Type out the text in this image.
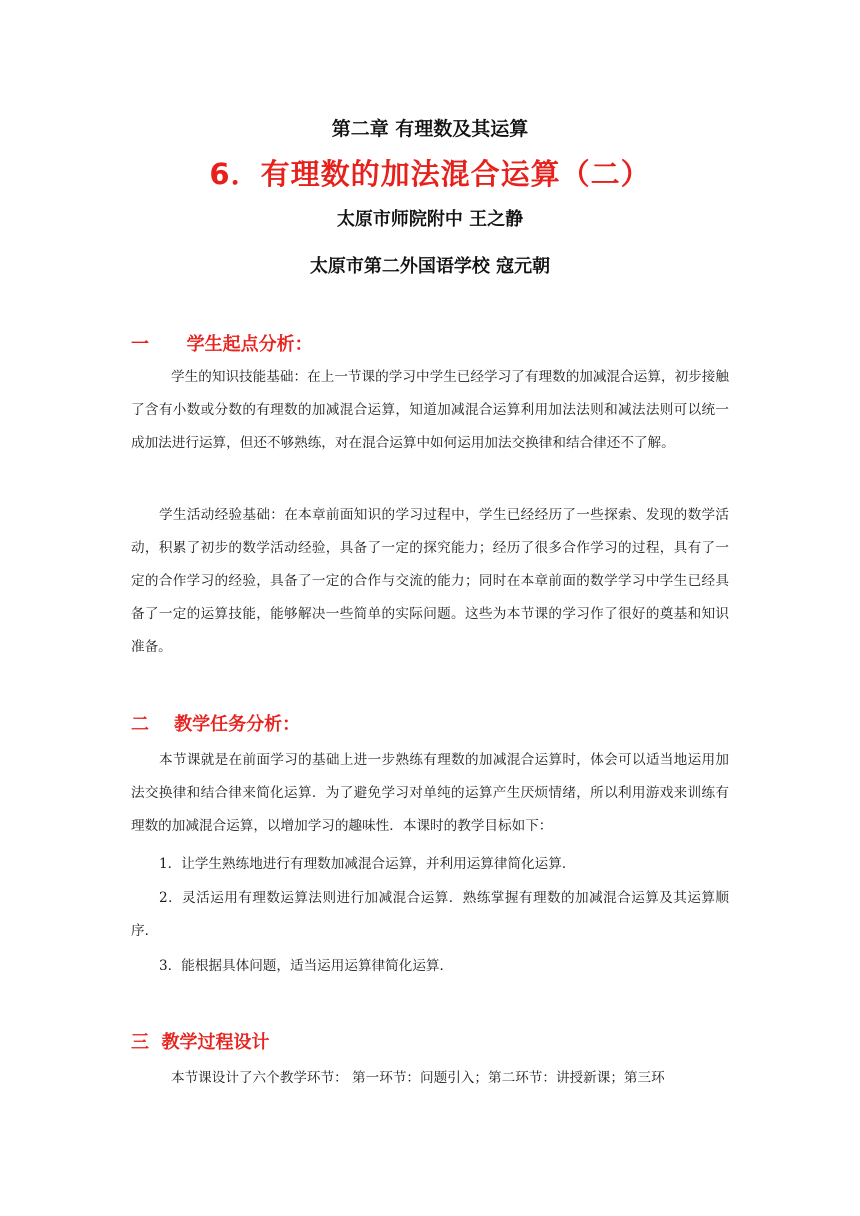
第二章 有理数及其运算
6．有理数的加法混合运算（二）
太原市师院附中 王之静
太原市第二外国语学校 寇元朝
一      学生起点分析：
学生的知识技能基础：在上一节课的学习中学生已经学习了有理数的加减混合运算，初步接触了含有小数或分数的有理数的加减混合运算，知道加减混合运算利用加法法则和减法法则可以统一成加法进行运算，但还不够熟练，对在混合运算中如何运用加法交换律和结合律还不了解。
学生活动经验基础：在本章前面知识的学习过程中，学生已经经历了一些探索、发现的数学活动，积累了初步的数学活动经验，具备了一定的探究能力；经历了很多合作学习的过程，具有了一定的合作学习的经验，具备了一定的合作与交流的能力；同时在本章前面的数学学习中学生已经具备了一定的运算技能，能够解决一些简单的实际问题。这些为本节课的学习作了很好的奠基和知识准备。
二    教学任务分析：
本节课就是在前面学习的基础上进一步熟练有理数的加减混合运算时，体会可以适当地运用加法交换律和结合律来简化运算．为了避免学习对单纯的运算产生厌烦情绪，所以利用游戏来训练有理数的加减混合运算，以增加学习的趣味性．本课时的教学目标如下：
1．让学生熟练地进行有理数加减混合运算，并利用运算律简化运算．
2．灵活运用有理数运算法则进行加减混合运算．熟练掌握有理数的加减混合运算及其运算顺序．
3．能根据具体问题，适当运用运算律简化运算．
三  教学过程设计
本节课设计了六个教学环节： 第一环节：问题引入；第二环节：讲授新课；第三环
